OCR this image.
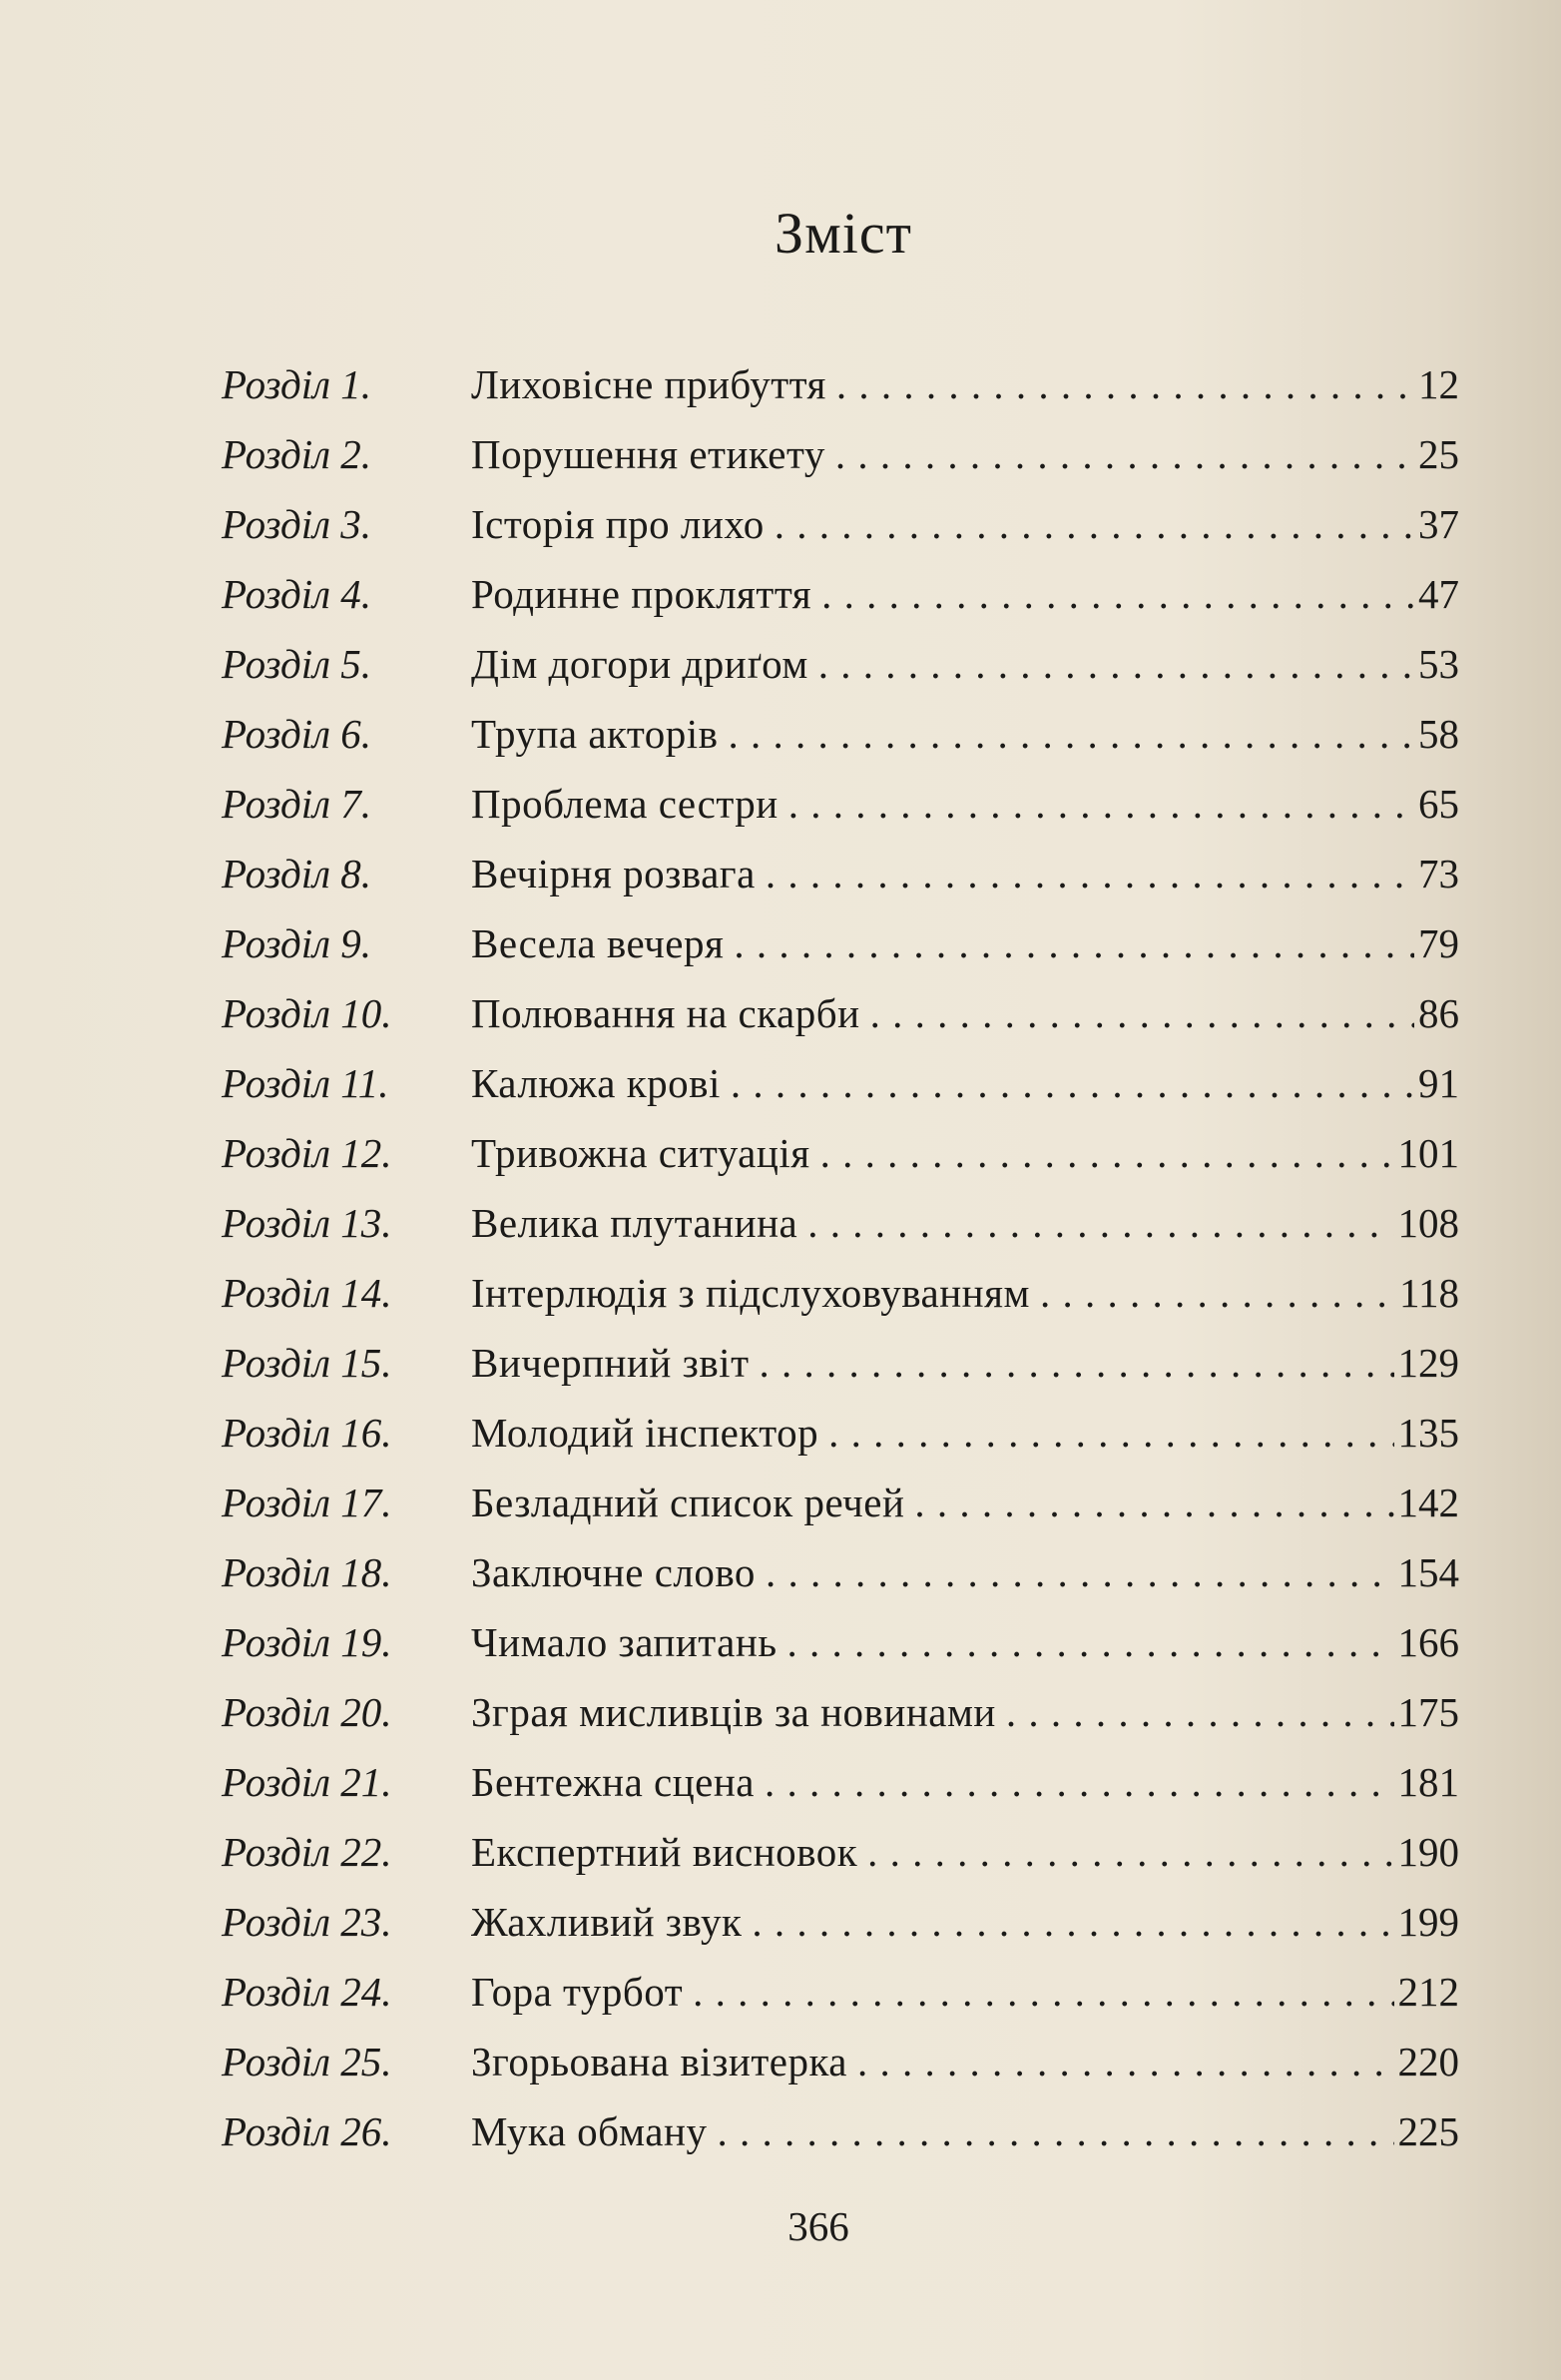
Зміст
Розділ 1.	Лиховісне прибуття . . .	12
Розділ 2.	Порушення етикету . . .	25
Розділ 3.	Історія про лихо . . .	37
Розділ 4.	Родинне прокляття . . .	47
Розділ 5.	Дім догори дриґом . . .	53
Розділ 6.	Трупа акторів . . .	58
Розділ 7.	Проблема сестри . . .	65
Розділ 8.	Вечірня розвага . . .	73
Розділ 9.	Весела вечеря . . .	79
Розділ 10.	Полювання на скарби . . .	86
Розділ 11.	Калюжа крові . . .	91
Розділ 12.	Тривожна ситуація . . .	101
Розділ 13.	Велика плутанина . . .	108
Розділ 14.	Інтерлюдія з підслуховуванням . . .	118
Розділ 15.	Вичерпний звіт . . .	129
Розділ 16.	Молодий інспектор . . .	135
Розділ 17.	Безладний список речей . . .	142
Розділ 18.	Заключне слово . . .	154
Розділ 19.	Чимало запитань . . .	166
Розділ 20.	Зграя мисливців за новинами . . .	175
Розділ 21.	Бентежна сцена . . .	181
Розділ 22.	Експертний висновок . . .	190
Розділ 23.	Жахливий звук . . .	199
Розділ 24.	Гора турбот . . .	212
Розділ 25.	Згорьована візитерка . . .	220
Розділ 26.	Мука обману . . .	225
366
